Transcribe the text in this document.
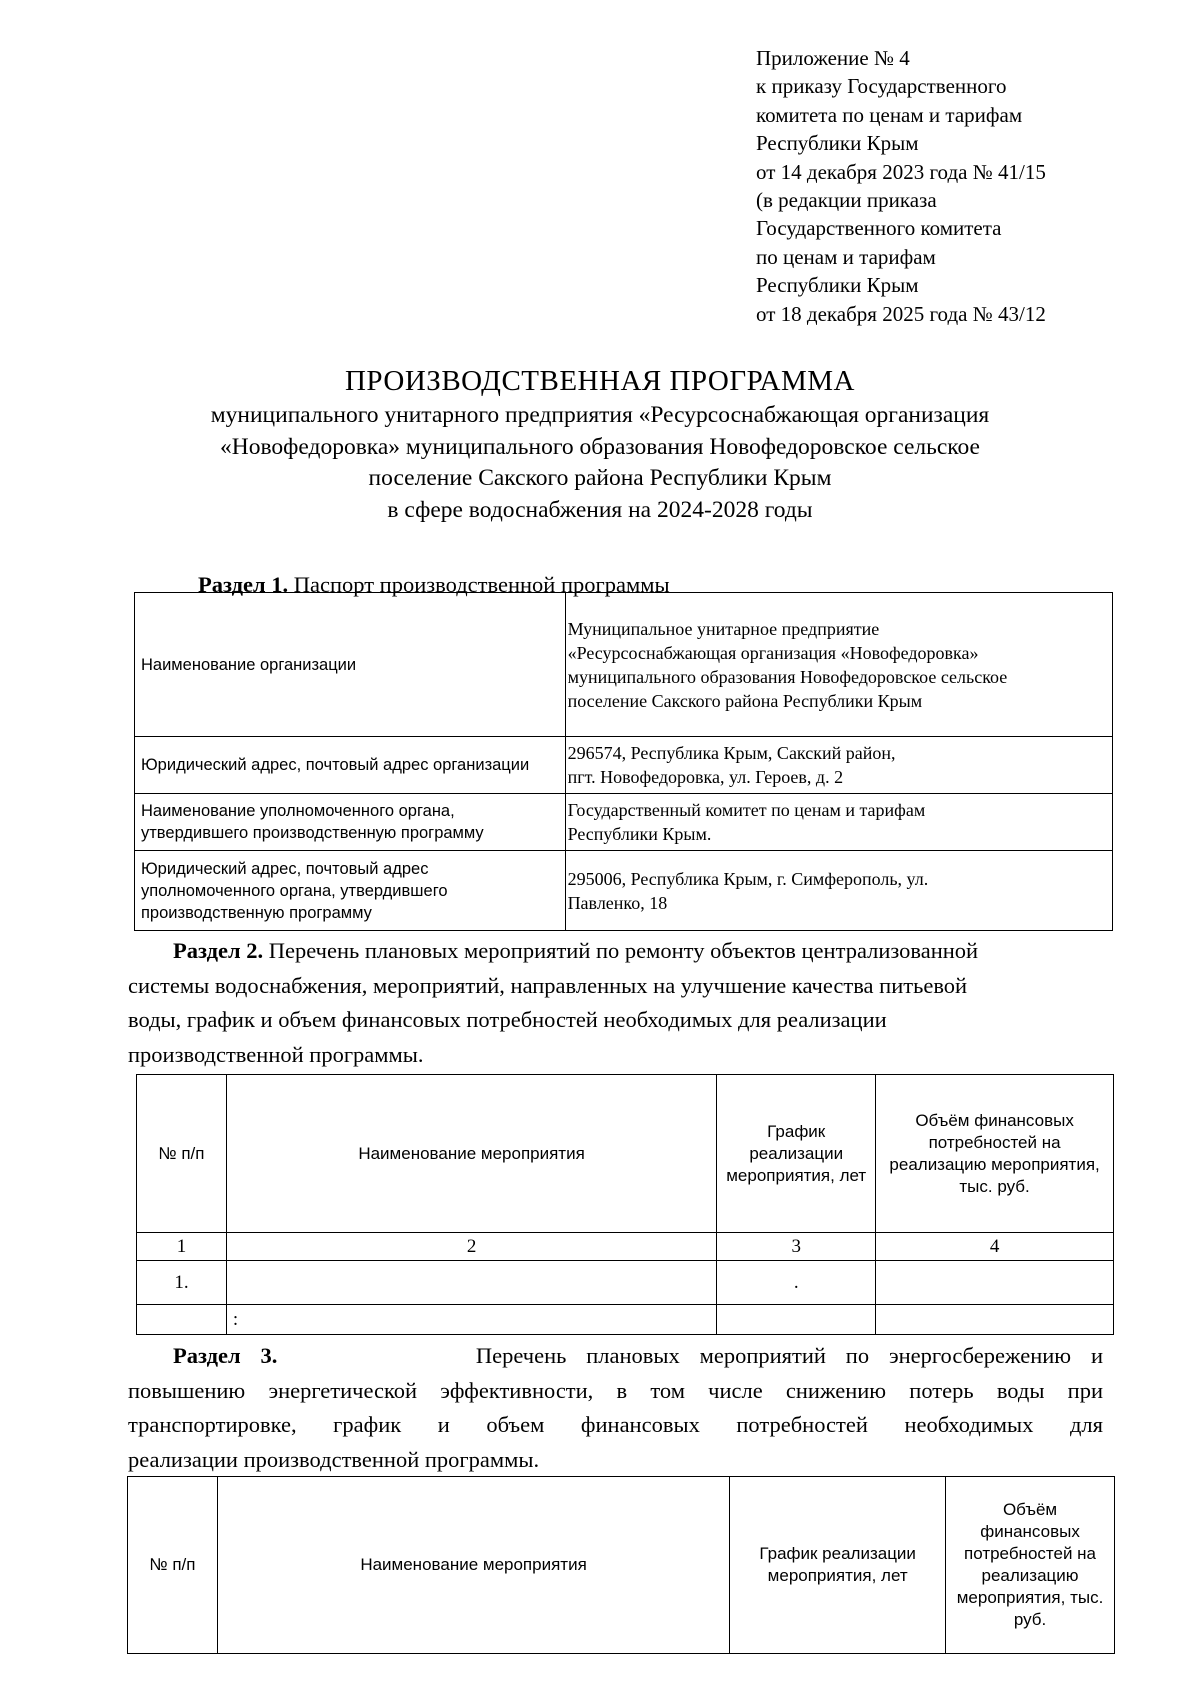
Приложение № 4
к приказу Государственного
комитета по ценам и тарифам
Республики Крым
от 14 декабря 2023 года № 41/15
(в редакции приказа
Государственного комитета
по ценам и тарифам
Республики Крым
от 18 декабря 2025 года № 43/12
ПРОИЗВОДСТВЕННАЯ ПРОГРАММА
муниципального унитарного предприятия «Ресурсоснабжающая организация
«Новофедоровка» муниципального образования Новофедоровское сельское
поселение Сакского района Республики Крым
в сфере водоснабжения на 2024-2028 годы
Раздел 1. Паспорт производственной программы
Наименование организации	Муниципальное унитарное предприятие
«Ресурсоснабжающая организация «Новофедоровка»
муниципального образования Новофедоровское сельское
поселение Сакского района Республики Крым

Юридический адрес, почтовый адрес организации	296574, Республика Крым, Сакский район,
пгт. Новофедоровка, ул. Героев, д. 2

Наименование уполномоченного органа, утвердившего производственную программу	Государственный комитет по ценам и тарифам
Республики Крым.

Юридический адрес, почтовый адрес уполномоченного органа, утвердившего производственную программу	295006, Республика Крым, г. Симферополь, ул.
Павленко, 18
Раздел 2. Перечень плановых мероприятий по ремонту объектов централизованной
системы водоснабжения, мероприятий, направленных на улучшение качества питьевой
воды, график и объем финансовых потребностей необходимых для реализации
производственной программы.
№ п/п	Наименование мероприятия	График реализации мероприятия, лет	Объём финансовых потребностей на реализацию мероприятия, тыс. руб.
1	2	3	4
1.		.	
	:		
Раздел 3.	Перечень плановых мероприятий по энергосбережению и
повышению энергетической эффективности, в том числе снижению потерь воды при
транспортировке, график и объем финансовых потребностей необходимых для
реализации производственной программы.
№ п/п	Наименование мероприятия	График реализации мероприятия, лет	Объём финансовых потребностей на реализацию мероприятия, тыс. руб.
